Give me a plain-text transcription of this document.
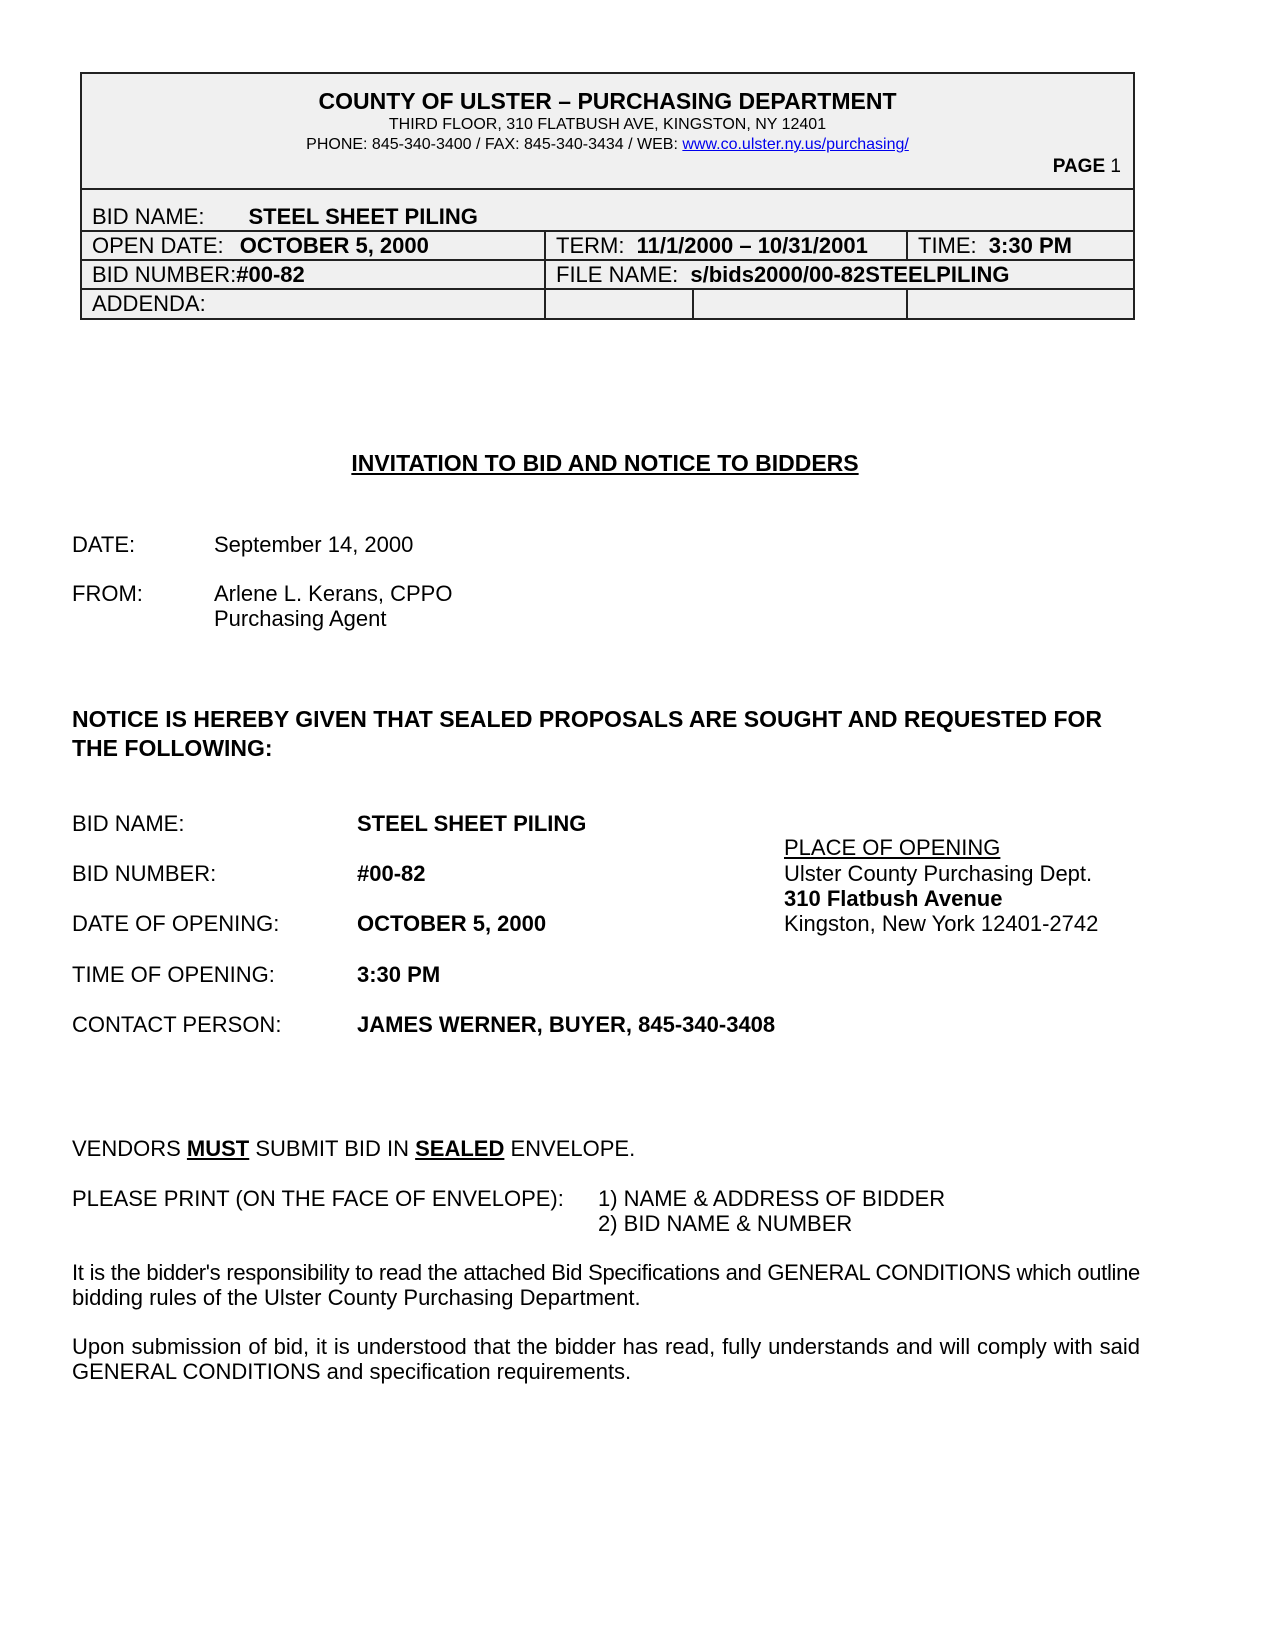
COUNTY OF ULSTER – PURCHASING DEPARTMENT
THIRD FLOOR, 310 FLATBUSH AVE, KINGSTON, NY 12401
PHONE: 845-340-3400 / FAX: 845-340-3434 / WEB: www.co.ulster.ny.us/purchasing/
PAGE 1
BID NAME: STEEL SHEET PILING
OPEN DATE: OCTOBER 5, 2000	TERM: 11/1/2000 – 10/31/2001 TIME: 3:30 PM
BID NUMBER:#00-82	FILE NAME: s/bids2000/00-82STEELPILING
ADDENDA:
INVITATION TO BID AND NOTICE TO BIDDERS
DATE:	September 14, 2000
FROM:	Arlene L. Kerans, CPPO
Purchasing Agent
NOTICE IS HEREBY GIVEN THAT SEALED PROPOSALS ARE SOUGHT AND REQUESTED FOR
THE FOLLOWING:
BID NAME:	STEEL SHEET PILING
BID NUMBER:	#00-82
DATE OF OPENING:	OCTOBER 5, 2000
TIME OF OPENING:	3:30 PM
CONTACT PERSON:	JAMES WERNER, BUYER, 845-340-3408
PLACE OF OPENING
Ulster County Purchasing Dept.
310 Flatbush Avenue
Kingston, New York 12401-2742
VENDORS MUST SUBMIT BID IN SEALED ENVELOPE.
PLEASE PRINT (ON THE FACE OF ENVELOPE): 1) NAME & ADDRESS OF BIDDER
2) BID NAME & NUMBER
It is the bidder's responsibility to read the attached Bid Specifications and GENERAL CONDITIONS which outline
bidding rules of the Ulster County Purchasing Department.
Upon submission of bid, it is understood that the bidder has read, fully understands and will comply with said
GENERAL CONDITIONS and specification requirements.
